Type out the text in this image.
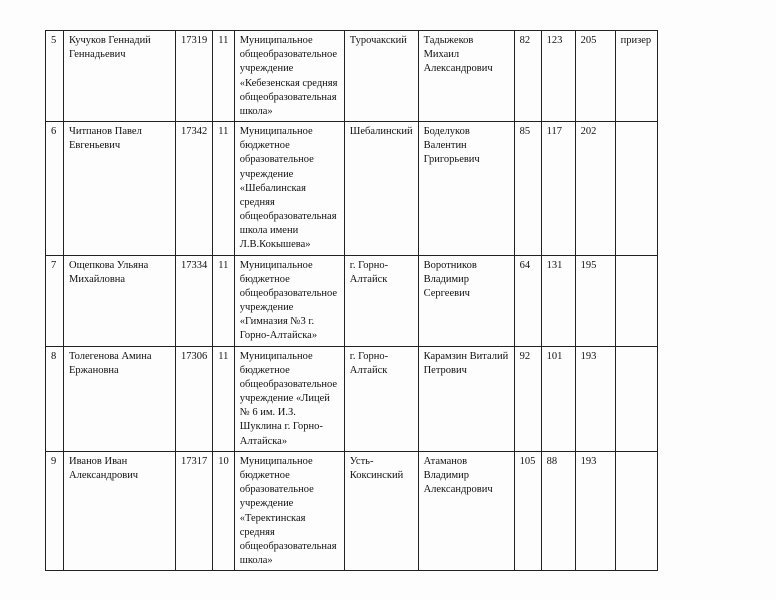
5	Кучуков Геннадий Геннадьевич	17319	11	Муниципальное общеобразовательное учреждение «Кебезенская средняя общеобразовательная школа»	Турочакский	Тадыжеков Михаил Александрович	82	123	205	призер
6	Читпанов Павел Евгеньевич	17342	11	Муниципальное бюджетное образовательное учреждение «Шебалинская средняя общеобразовательная школа имени Л.В.Кокышева»	Шебалинский	Боделуков Валентин Григорьевич	85	117	202	
7	Ощепкова Ульяна Михайловна	17334	11	Муниципальное бюджетное общеобразовательное учреждение «Гимназия №3 г. Горно-Алтайска»	г. Горно-Алтайск	Воротников Владимир Сергеевич	64	131	195	
8	Толегенова Амина Ержановна	17306	11	Муниципальное бюджетное общеобразовательное учреждение «Лицей № 6 им. И.З. Шуклина г. Горно-Алтайска»	г. Горно-Алтайск	Карамзин Виталий Петрович	92	101	193	
9	Иванов Иван Александрович	17317	10	Муниципальное бюджетное образовательное учреждение «Теректинская средняя общеобразовательная школа»	Усть-Коксинский	Атаманов Владимир Александрович	105	88	193	
